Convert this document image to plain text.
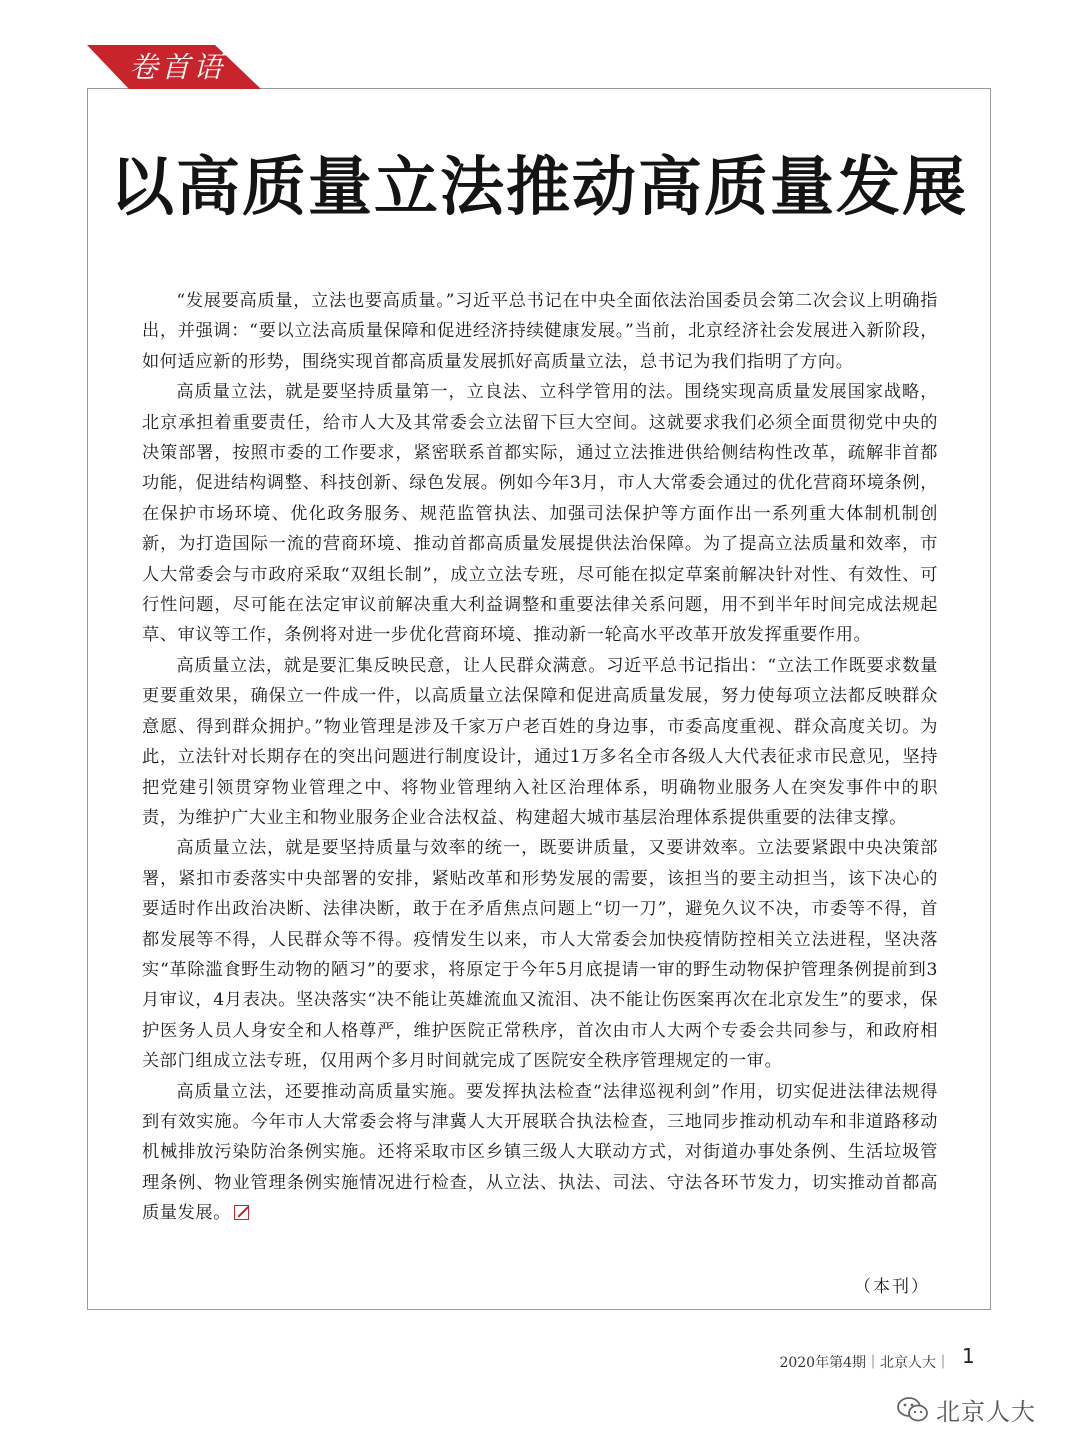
卷首语
以高质量立法推动高质量发展

“发展要高质量，立法也要高质量。”习近平总书记在中央全面依法治国委员会第二次会议上明确指出，并强调：“要以立法高质量保障和促进经济持续健康发展。”当前，北京经济社会发展进入新阶段，如何适应新的形势，围绕实现首都高质量发展抓好高质量立法，总书记为我们指明了方向。

高质量立法，就是要坚持质量第一，立良法、立科学管用的法。围绕实现高质量发展国家战略，北京承担着重要责任，给市人大及其常委会立法留下巨大空间。这就要求我们必须全面贯彻党中央的决策部署，按照市委的工作要求，紧密联系首都实际，通过立法推进供给侧结构性改革，疏解非首都功能，促进结构调整、科技创新、绿色发展。例如今年3月，市人大常委会通过的优化营商环境条例，在保护市场环境、优化政务服务、规范监管执法、加强司法保护等方面作出一系列重大体制机制创新，为打造国际一流的营商环境、推动首都高质量发展提供法治保障。为了提高立法质量和效率，市人大常委会与市政府采取“双组长制”，成立立法专班，尽可能在拟定草案前解决针对性、有效性、可行性问题，尽可能在法定审议前解决重大利益调整和重要法律关系问题，用不到半年时间完成法规起草、审议等工作，条例将对进一步优化营商环境、推动新一轮高水平改革开放发挥重要作用。

高质量立法，就是要汇集反映民意，让人民群众满意。习近平总书记指出：“立法工作既要求数量更要重效果，确保立一件成一件，以高质量立法保障和促进高质量发展，努力使每项立法都反映群众意愿、得到群众拥护。”物业管理是涉及千家万户老百姓的身边事，市委高度重视、群众高度关切。为此，立法针对长期存在的突出问题进行制度设计，通过1万多名全市各级人大代表征求市民意见，坚持把党建引领贯穿物业管理之中、将物业管理纳入社区治理体系，明确物业服务人在突发事件中的职责，为维护广大业主和物业服务企业合法权益、构建超大城市基层治理体系提供重要的法律支撑。

高质量立法，就是要坚持质量与效率的统一，既要讲质量，又要讲效率。立法要紧跟中央决策部署，紧扣市委落实中央部署的安排，紧贴改革和形势发展的需要，该担当的要主动担当，该下决心的要适时作出政治决断、法律决断，敢于在矛盾焦点问题上“切一刀”，避免久议不决，市委等不得，首都发展等不得，人民群众等不得。疫情发生以来，市人大常委会加快疫情防控相关立法进程，坚决落实“革除滥食野生动物的陋习”的要求，将原定于今年5月底提请一审的野生动物保护管理条例提前到3月审议，4月表决。坚决落实“决不能让英雄流血又流泪、决不能让伤医案再次在北京发生”的要求，保护医务人员人身安全和人格尊严，维护医院正常秩序，首次由市人大两个专委会共同参与，和政府相关部门组成立法专班，仅用两个多月时间就完成了医院安全秩序管理规定的一审。

高质量立法，还要推动高质量实施。要发挥执法检查“法律巡视利剑”作用，切实促进法律法规得到有效实施。今年市人大常委会将与津冀人大开展联合执法检查，三地同步推动机动车和非道路移动机械排放污染防治条例实施。还将采取市区乡镇三级人大联动方式，对街道办事处条例、生活垃圾管理条例、物业管理条例实施情况进行检查，从立法、执法、司法、守法各环节发力，切实推动首都高质量发展。

（本刊）
2020年第4期｜北京人大｜ 1
北京人大
